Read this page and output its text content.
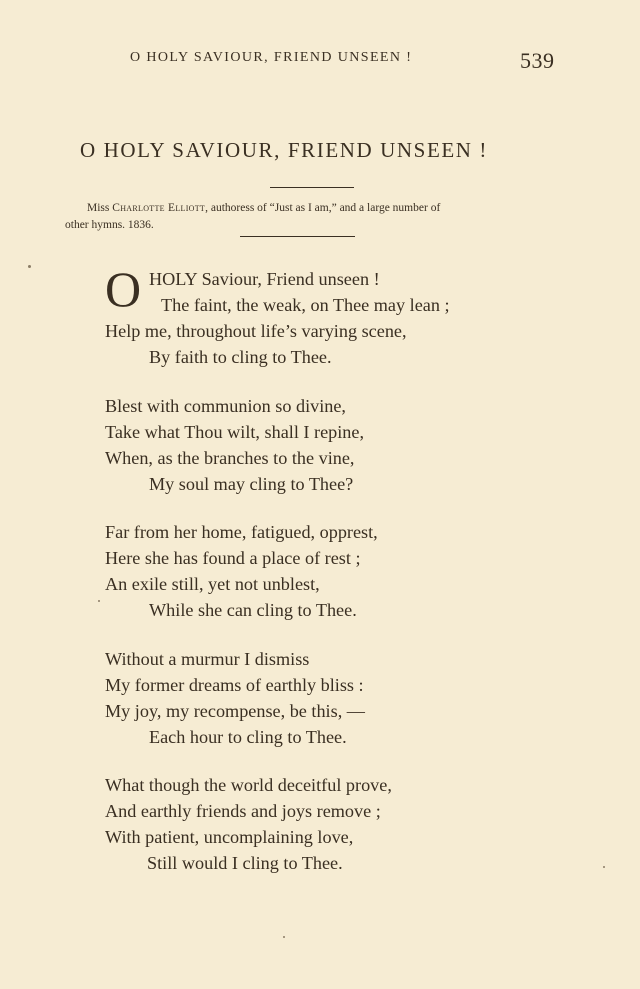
O HOLY SAVIOUR, FRIEND UNSEEN !	539
O HOLY SAVIOUR, FRIEND UNSEEN !
Miss Charlotte Elliott, authoress of “Just as I am,” and a large number of
other hymns. 1836.
O HOLY Saviour, Friend unseen !
The faint, the weak, on Thee may lean ;
Help me, throughout life’s varying scene,
By faith to cling to Thee.
Blest with communion so divine,
Take what Thou wilt, shall I repine,
When, as the branches to the vine,
My soul may cling to Thee?
Far from her home, fatigued, opprest,
Here she has found a place of rest ;
An exile still, yet not unblest,
While she can cling to Thee.
Without a murmur I dismiss
My former dreams of earthly bliss :
My joy, my recompense, be this, —
Each hour to cling to Thee.
What though the world deceitful prove,
And earthly friends and joys remove ;
With patient, uncomplaining love,
Still would I cling to Thee.
